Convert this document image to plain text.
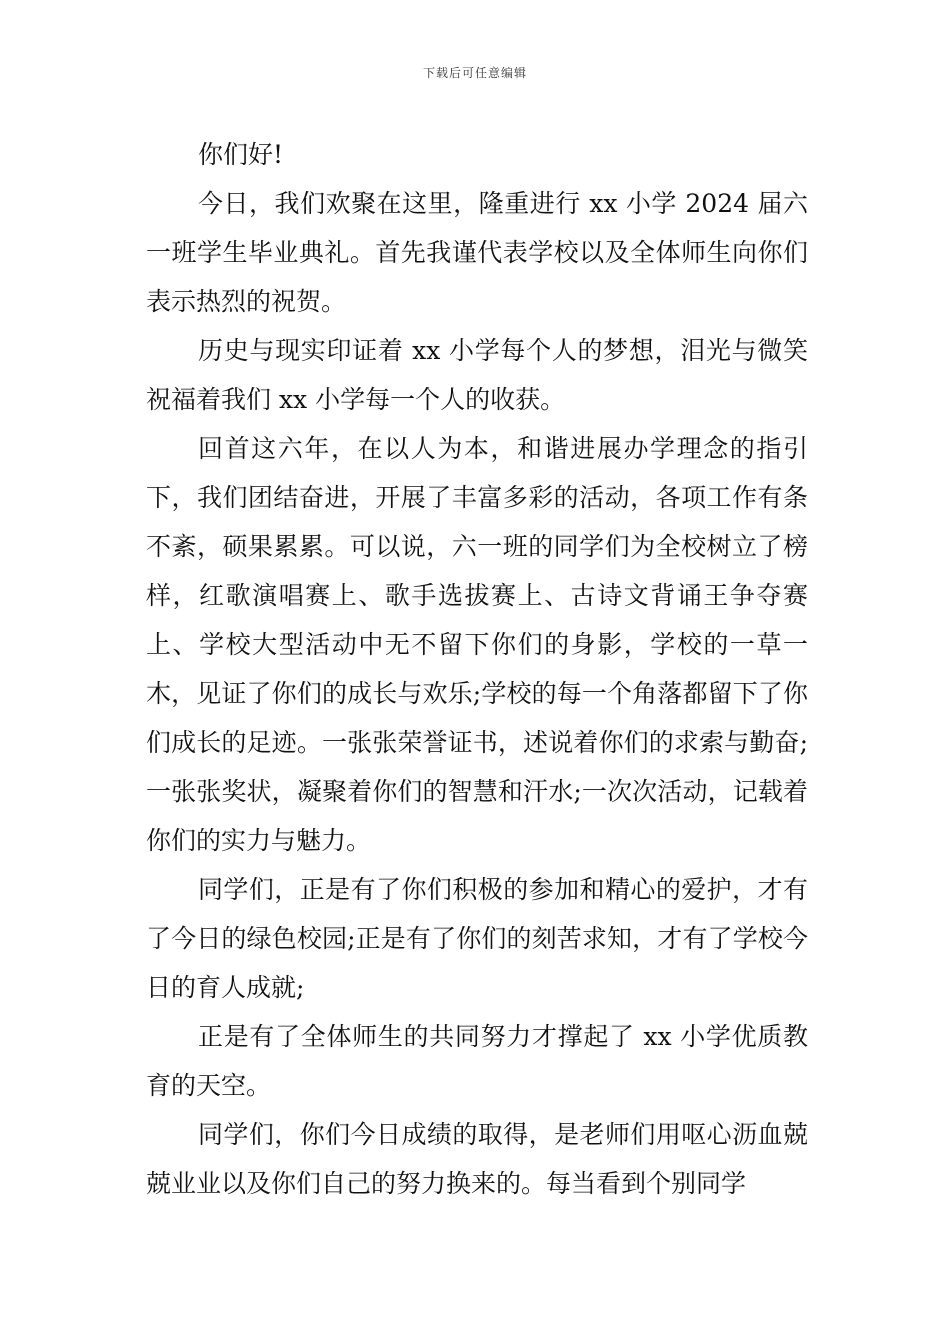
下载后可任意编辑

你们好!

今日，我们欢聚在这里，隆重进行 xx 小学 2024 届六一班学生毕业典礼。首先我谨代表学校以及全体师生向你们表示热烈的祝贺。

历史与现实印证着 xx 小学每个人的梦想，泪光与微笑祝福着我们 xx 小学每一个人的收获。

回首这六年，在以人为本，和谐进展办学理念的指引下，我们团结奋进，开展了丰富多彩的活动，各项工作有条不紊，硕果累累。可以说，六一班的同学们为全校树立了榜样，红歌演唱赛上、歌手选拔赛上、古诗文背诵王争夺赛上、学校大型活动中无不留下你们的身影，学校的一草一木，见证了你们的成长与欢乐;学校的每一个角落都留下了你们成长的足迹。一张张荣誉证书，述说着你们的求索与勤奋;一张张奖状，凝聚着你们的智慧和汗水;一次次活动，记载着你们的实力与魅力。

同学们，正是有了你们积极的参加和精心的爱护，才有了今日的绿色校园;正是有了你们的刻苦求知，才有了学校今日的育人成就;

正是有了全体师生的共同努力才撑起了 xx 小学优质教育的天空。

同学们，你们今日成绩的取得，是老师们用呕心沥血兢兢业业以及你们自己的努力换来的。每当看到个别同学
